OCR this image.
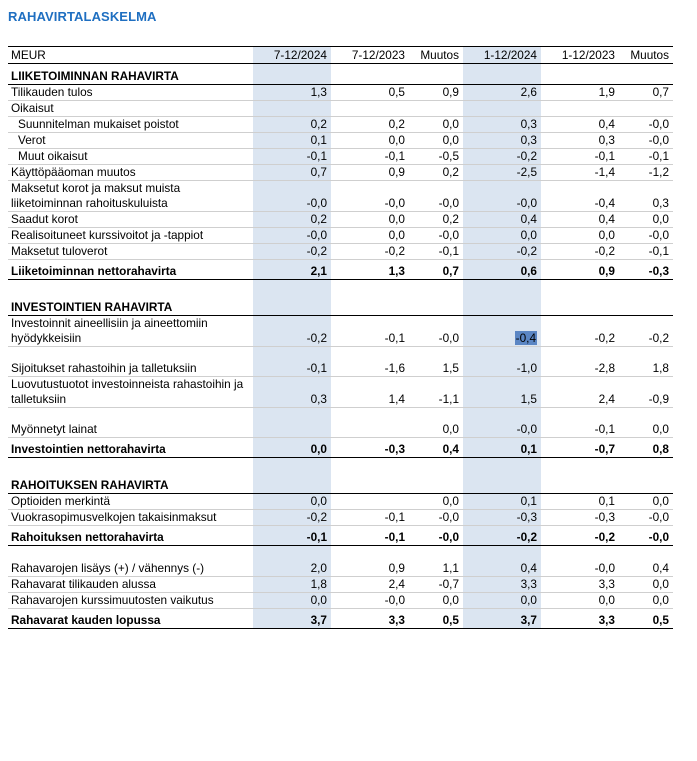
RAHAVIRTALASKELMA
MEUR	7-12/2024	7-12/2023	Muutos	1-12/2024	1-12/2023	Muutos
LIIKETOIMINNAN RAHAVIRTA						
Tilikauden tulos	1,3	0,5	0,9	2,6	1,9	0,7
Oikaisut						
Suunnitelman mukaiset poistot	0,2	0,2	0,0	0,3	0,4	-0,0
Verot	0,1	0,0	0,0	0,3	0,3	-0,0
Muut oikaisut	-0,1	-0,1	-0,5	-0,2	-0,1	-0,1
Käyttöpääoman muutos	0,7	0,9	0,2	-2,5	-1,4	-1,2
Maksetut korot ja maksut muista liiketoiminnan rahoituskuluista	-0,0	-0,0	-0,0	-0,0	-0,4	0,3
Saadut korot	0,2	0,0	0,2	0,4	0,4	0,0
Realisoituneet kurssivoitot ja -tappiot	-0,0	0,0	-0,0	0,0	0,0	-0,0
Maksetut tuloverot	-0,2	-0,2	-0,1	-0,2	-0,2	-0,1
Liiketoiminnan nettorahavirta	2,1	1,3	0,7	0,6	0,9	-0,3

INVESTOINTIEN RAHAVIRTA						
Investoinnit aineellisiin ja aineettomiin hyödykkeisiin	-0,2	-0,1	-0,0	-0,4	-0,2	-0,2
Sijoitukset rahastoihin ja talletuksiin	-0,1	-1,6	1,5	-1,0	-2,8	1,8
Luovutustuotot investoinneista rahastoihin ja talletuksiin	0,3	1,4	-1,1	1,5	2,4	-0,9
Myönnetyt lainat			0,0	-0,0	-0,1	0,0
Investointien nettorahavirta	0,0	-0,3	0,4	0,1	-0,7	0,8

RAHOITUKSEN RAHAVIRTA						
Optioiden merkintä	0,0		0,0	0,1	0,1	0,0
Vuokrasopimusvelkojen takaisinmaksut	-0,2	-0,1	-0,0	-0,3	-0,3	-0,0
Rahoituksen nettorahavirta	-0,1	-0,1	-0,0	-0,2	-0,2	-0,0

Rahavarojen lisäys (+) / vähennys (-)	2,0	0,9	1,1	0,4	-0,0	0,4
Rahavarat tilikauden alussa	1,8	2,4	-0,7	3,3	3,3	0,0
Rahavarojen kurssimuutosten vaikutus	0,0	-0,0	0,0	0,0	0,0	0,0
Rahavarat kauden lopussa	3,7	3,3	0,5	3,7	3,3	0,5
